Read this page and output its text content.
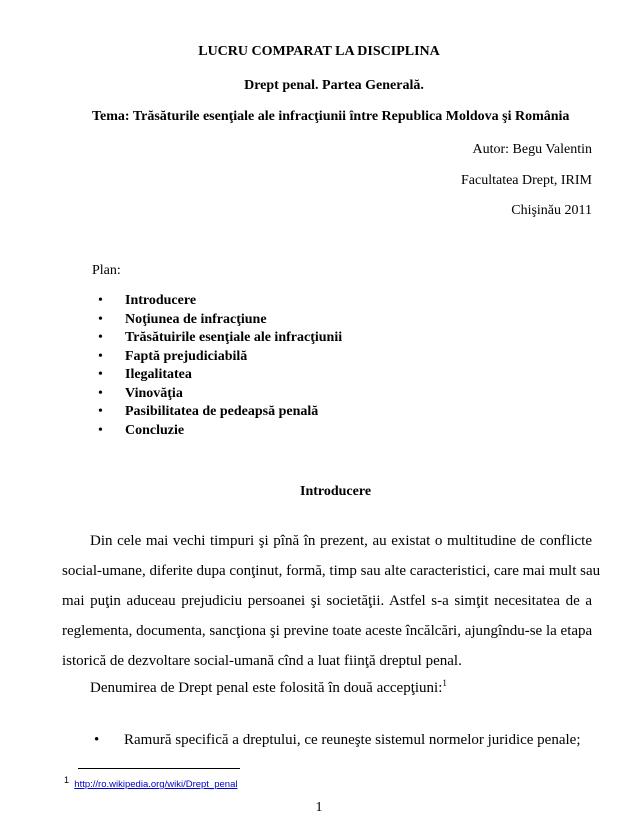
LUCRU COMPARAT LA DISCIPLINA
Drept penal. Partea Generală.
Tema: Trăsăturile esenţiale ale infracţiunii între Republica Moldova şi România
Autor: Begu Valentin
Facultatea Drept, IRIM
Chişinău 2011
Plan:
• Introducere
• Noţiunea de infracţiune
• Trăsătuirile esenţiale ale infracţiunii
• Faptă prejudiciabilă
• Ilegalitatea
• Vinovăţia
• Pasibilitatea de pedeapsă penală
• Concluzie
Introducere
Din cele mai vechi timpuri şi pînă în prezent, au existat o multitudine de conflicte
social-umane, diferite dupa conţinut, formă, timp sau alte caracteristici, care mai mult sau
mai puţin aduceau prejudiciu persoanei şi societăţii. Astfel s-a simţit necesitatea de a
reglementa, documenta, sancţiona şi previne toate aceste încălcări, ajungîndu-se la etapa
istorică de dezvoltare social-umană cînd a luat fiinţă dreptul penal.
Denumirea de Drept penal este folosită în două accepţiuni:$^1$
• Ramură specifică a dreptului, ce reuneşte sistemul normelor juridice penale;
$^1$ http://ro.wikipedia.org/wiki/Drept_penal
1
